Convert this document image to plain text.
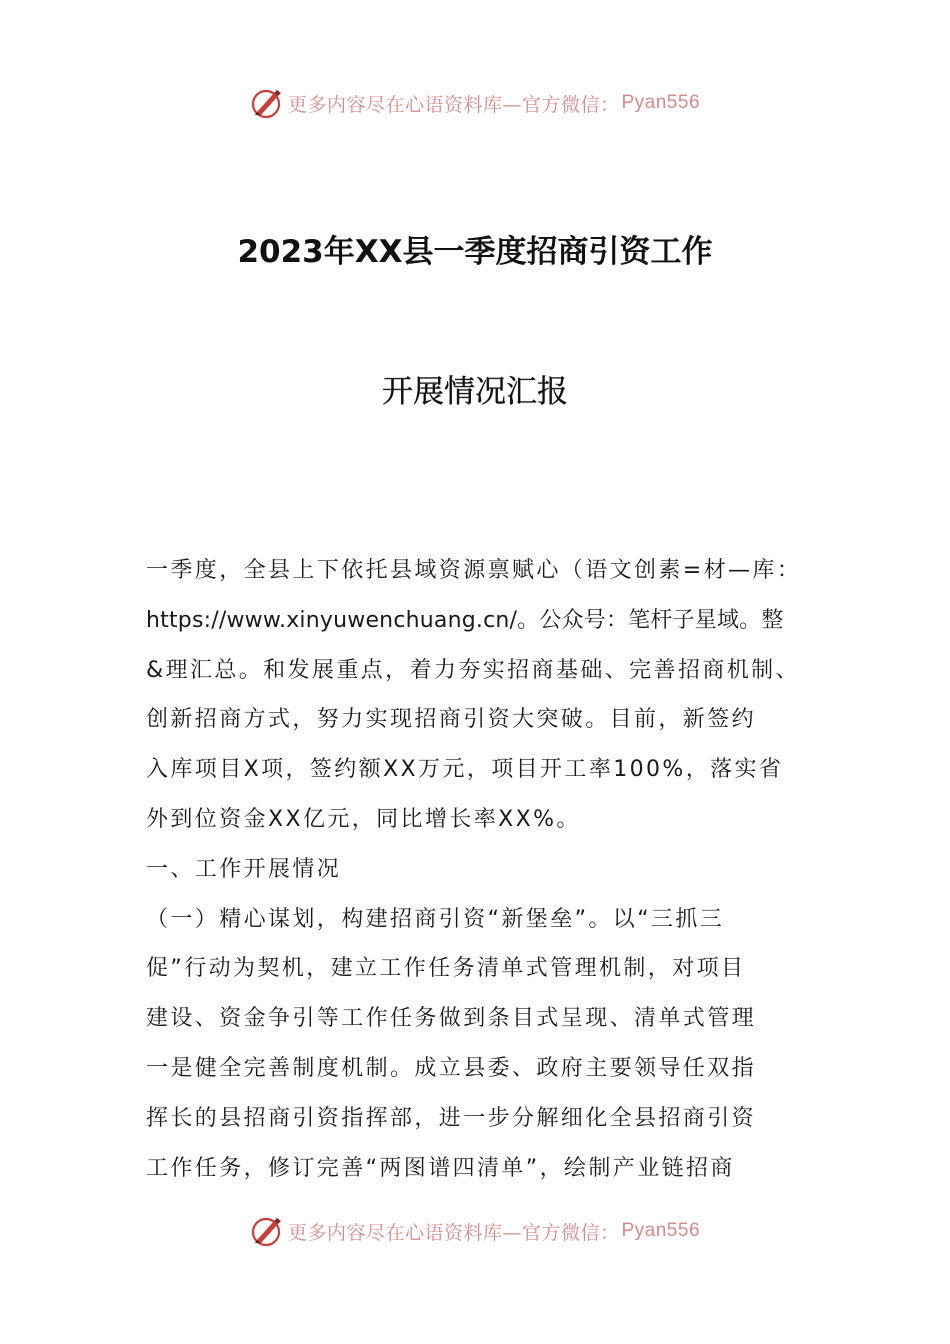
更多内容尽在心语资料库—官方微信： Pyan556
2023年XX县一季度招商引资工作
开展情况汇报

一季度，全县上下依托县域资源禀赋心（语文创素=材—库：

https://www.xinyuwenchuang.cn/。公众号：笔杆子星域。整

&理汇总。和发展重点，着力夯实招商基础、完善招商机制、

创新招商方式，努力实现招商引资大突破。目前，新签约

入库项目X项，签约额XX万元，项目开工率100%，落实省

外到位资金XX亿元，同比增长率XX%。

一、工作开展情况

（一）精心谋划，构建招商引资“新堡垒”。以“三抓三

促”行动为契机，建立工作任务清单式管理机制，对项目

建设、资金争引等工作任务做到条目式呈现、清单式管理

一是健全完善制度机制。成立县委、政府主要领导任双指

挥长的县招商引资指挥部，进一步分解细化全县招商引资

工作任务，修订完善“两图谱四清单”，绘制产业链招商

更多内容尽在心语资料库—官方微信： Pyan556
